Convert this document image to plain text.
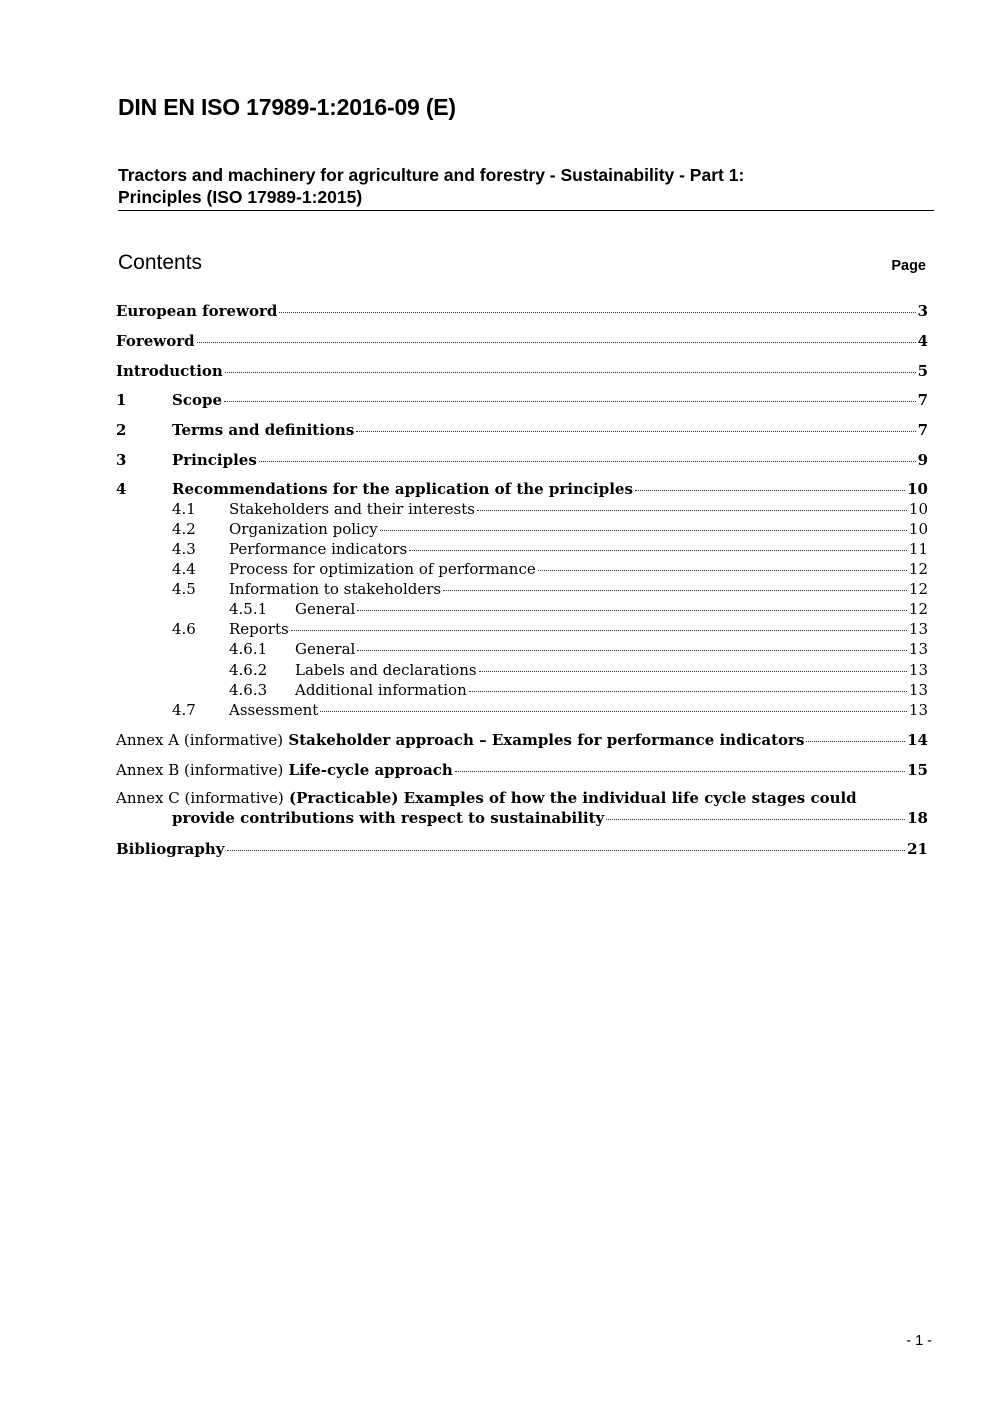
DIN EN ISO 17989-1:2016-09 (E)
Tractors and machinery for agriculture and forestry - Sustainability - Part 1:
Principles (ISO 17989-1:2015)
Contents	Page
European foreword	3
Foreword	4
Introduction	5
1	Scope	7
2	Terms and definitions	7
3	Principles	9
4	Recommendations for the application of the principles	10
4.1	Stakeholders and their interests	10
4.2	Organization policy	10
4.3	Performance indicators	11
4.4	Process for optimization of performance	12
4.5	Information to stakeholders	12
4.5.1	General	12
4.6	Reports	13
4.6.1	General	13
4.6.2	Labels and declarations	13
4.6.3	Additional information	13
4.7	Assessment	13
Annex A (informative) Stakeholder approach – Examples for performance indicators	14
Annex B (informative) Life-cycle approach	15
Annex C (informative) (Practicable) Examples of how the individual life cycle stages could
provide contributions with respect to sustainability	18
Bibliography	21
- 1 -
